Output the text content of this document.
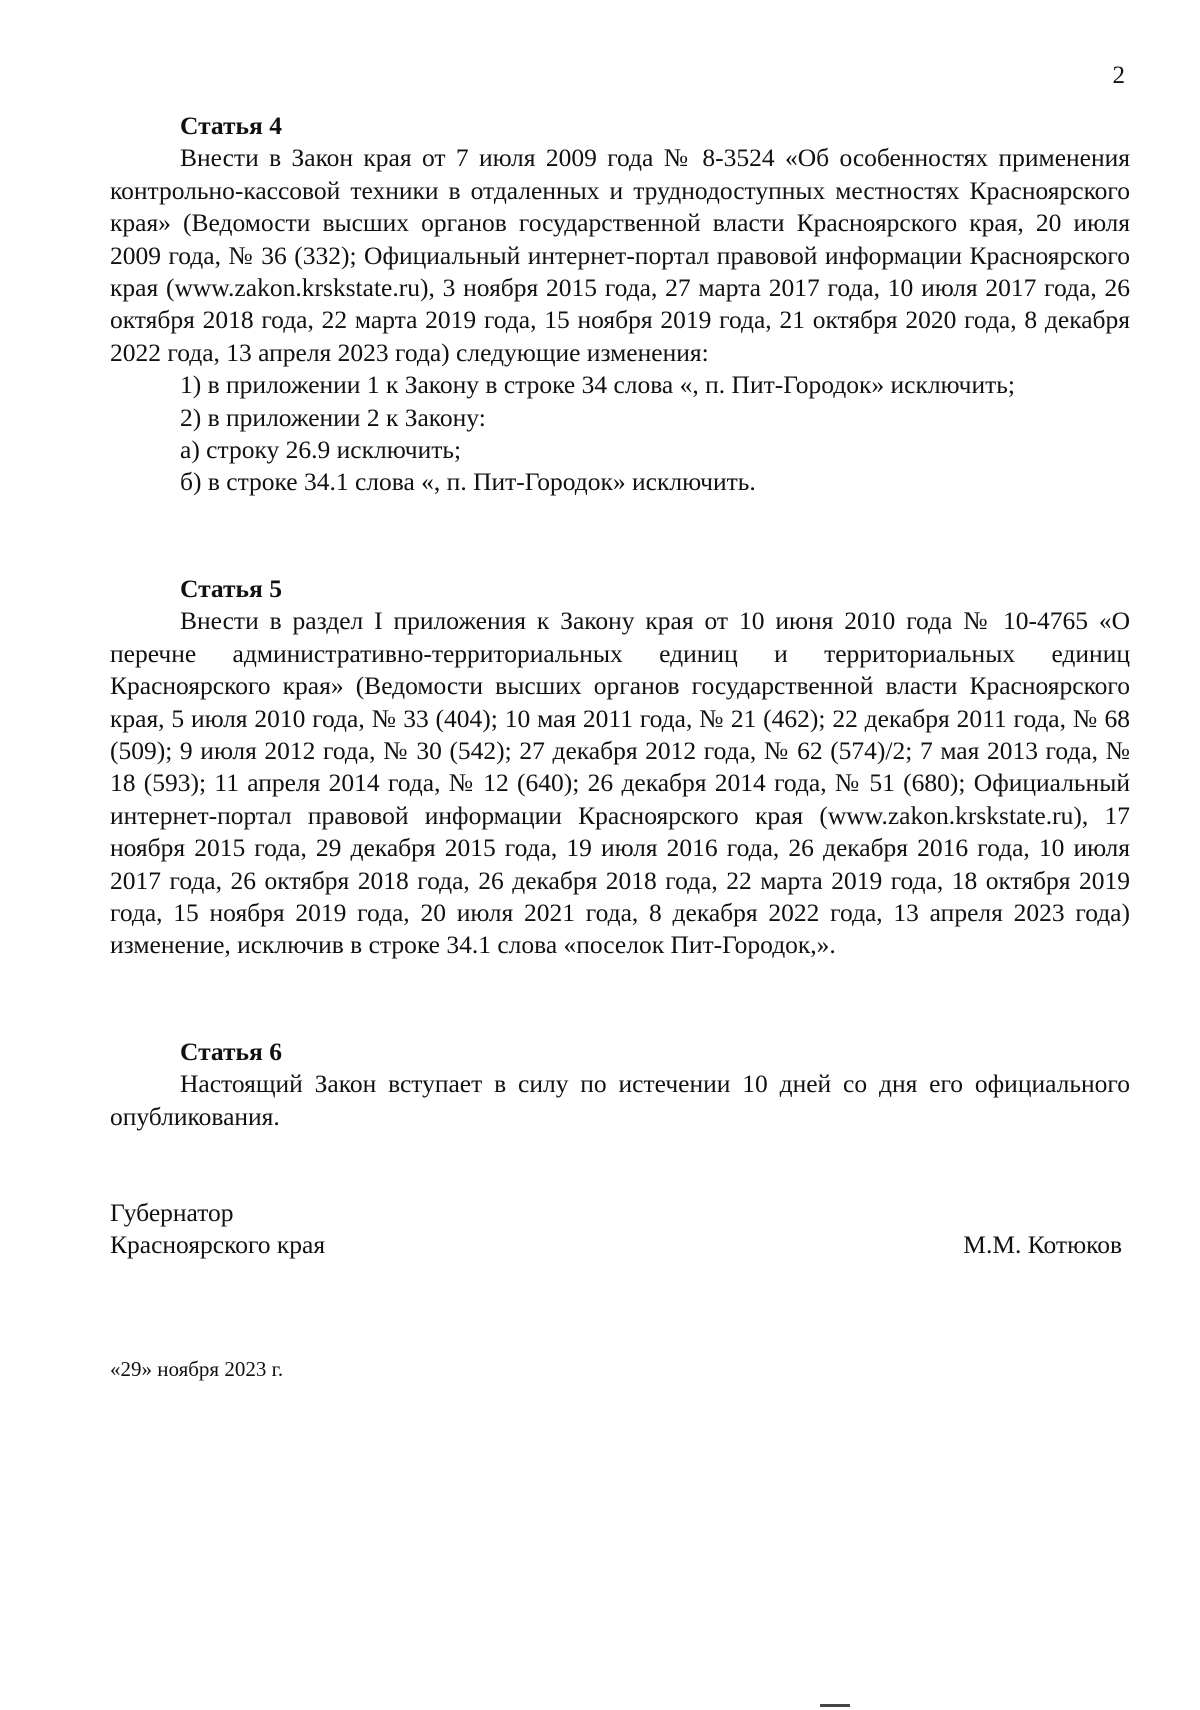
2
Статья 4

Внести в Закон края от 7 июля 2009 года № 8-3524 «Об особенностях применения контрольно-кассовой техники в отдаленных и труднодоступных местностях Красноярского края» (Ведомости высших органов государственной власти Красноярского края, 20 июля 2009 года, № 36 (332); Официальный интернет-портал правовой информации Красноярского края (www.zakon.krskstate.ru), 3 ноября 2015 года, 27 марта 2017 года, 10 июля 2017 года, 26 октября 2018 года, 22 марта 2019 года, 15 ноября 2019 года, 21 октября 2020 года, 8 декабря 2022 года, 13 апреля 2023 года) следующие изменения:

1) в приложении 1 к Закону в строке 34 слова «, п. Пит-Городок» исключить;
2) в приложении 2 к Закону:
а) строку 26.9 исключить;
б) в строке 34.1 слова «, п. Пит-Городок» исключить.
Статья 5

Внести в раздел I приложения к Закону края от 10 июня 2010 года № 10-4765 «О перечне административно-территориальных единиц и территориальных единиц Красноярского края» (Ведомости высших органов государственной власти Красноярского края, 5 июля 2010 года, № 33 (404); 10 мая 2011 года, № 21 (462); 22 декабря 2011 года, № 68 (509); 9 июля 2012 года, № 30 (542); 27 декабря 2012 года, № 62 (574)/2; 7 мая 2013 года, № 18 (593); 11 апреля 2014 года, № 12 (640); 26 декабря 2014 года, № 51 (680); Официальный интернет-портал правовой информации Красноярского края (www.zakon.krskstate.ru), 17 ноября 2015 года, 29 декабря 2015 года, 19 июля 2016 года, 26 декабря 2016 года, 10 июля 2017 года, 26 октября 2018 года, 26 декабря 2018 года, 22 марта 2019 года, 18 октября 2019 года, 15 ноября 2019 года, 20 июля 2021 года, 8 декабря 2022 года, 13 апреля 2023 года) изменение, исключив в строке 34.1 слова «поселок Пит-Городок,».

Статья 6

Настоящий Закон вступает в силу по истечении 10 дней со дня его официального опубликования.

Губернатор
Красноярского края	М.М. Котюков
«29» ноября 2023 г.
